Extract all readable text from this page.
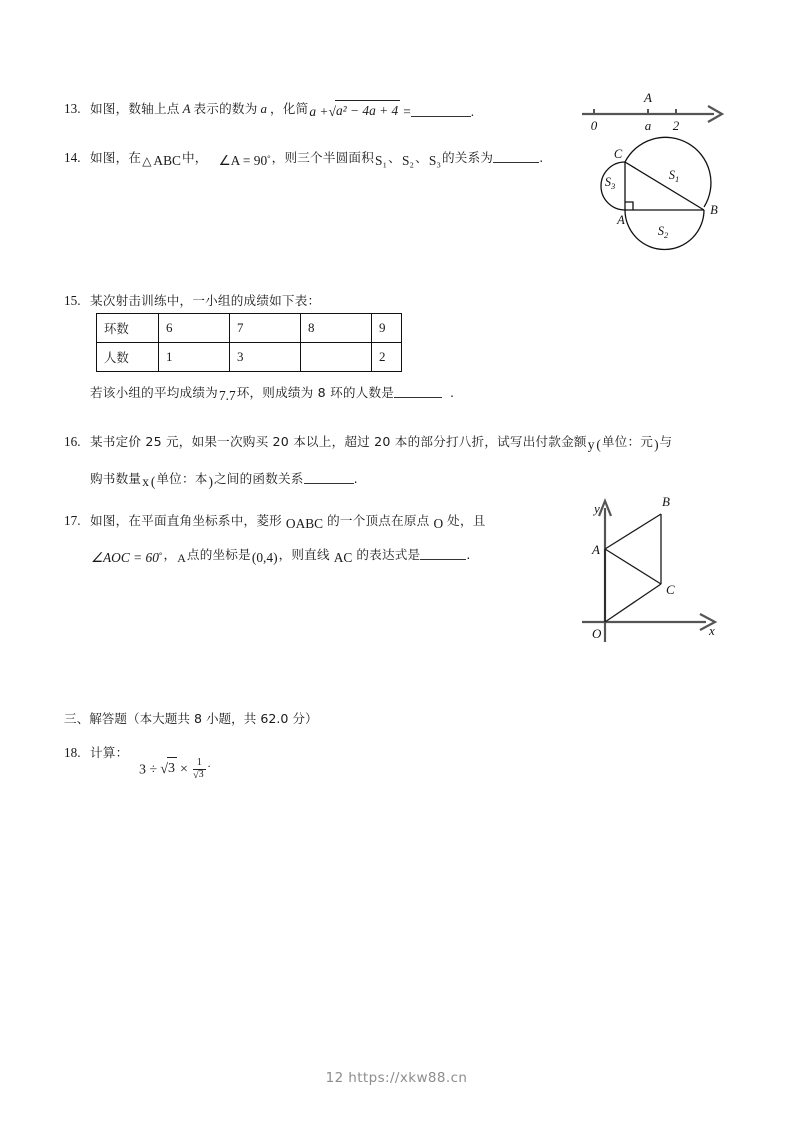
13. 如图，数轴上点 A 表示的数为 a ，化简a +√a² − 4a + 4 =	.
A
0	a 2
14. 如图，在△ ABC中， ∠A = 90°，则三个半圆面积S₁、S₂、S₃的关系为	.	C
A
B
$S_1$
$S_2$
$S_3$
15. 某次射击训练中，一小组的成绩如下表：
环数	6	7	8	9
人数	1	3		2
若该小组的平均成绩为7.7环，则成绩为 8 环的人数是	.
16. 某书定价 25 元，如果一次购买 20 本以上，超过 20 本的部分打八折，试写出付款金额y (单位：元)与
购书数量x (单位：本)之间的函数关系	.
17. 如图，在平面直角坐标系中，菱形 OABC 的一个顶点在原点 O 处，且
∠AOC = 60°，A点的坐标是(0,4)，则直线 AC 的表达式是	.
y
x
O
A
B
C
三、解答题（本大题共 8 小题，共 62.0 分）
18. 计算：
$3 \div √3 \times \frac{1}{√3}$ .
12 https://xkw88.cn
